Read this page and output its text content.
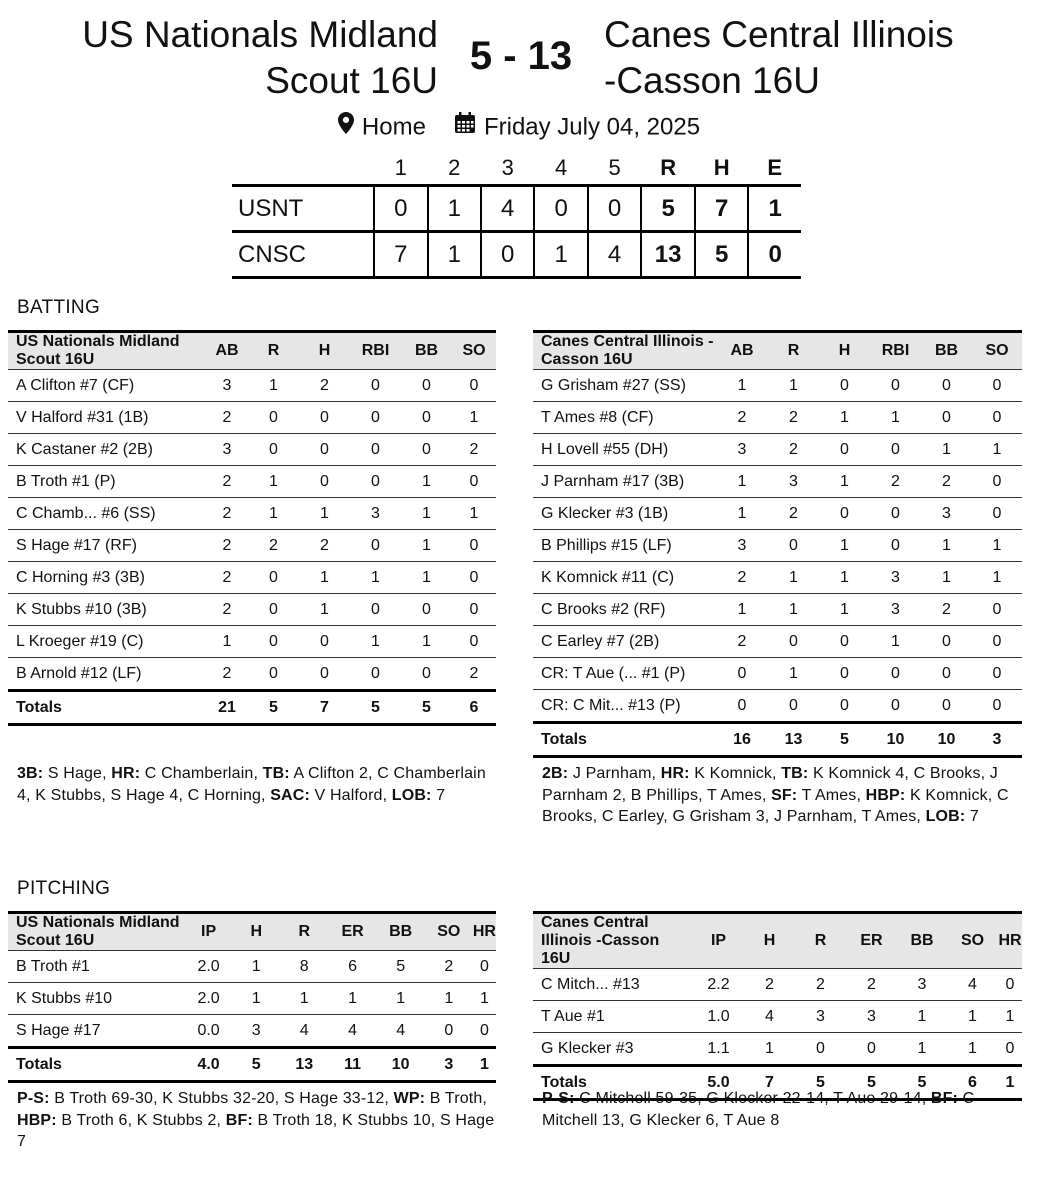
US Nationals Midland
Scout 16U
5 - 13 Canes Central Illinois
-Casson 16U
Home Friday July 04, 2025
	1	2	3	4	5	R	H	E
USNT	0	1	4	0	0	5	7	1
CNSC	7	1	0	1	4	13	5	0
BATTING
PITCHING
US Nationals Midland Scout 16U	AB	R	H	RBI	BB	SO
A Clifton #7 (CF)	3	1	2	0	0	0
V Halford #31 (1B)	2	0	0	0	0	1
K Castaner #2 (2B)	3	0	0	0	0	2
B Troth #1 (P)	2	1	0	0	1	0
C Chamb... #6 (SS)	2	1	1	3	1	1
S Hage #17 (RF)	2	2	2	0	1	0
C Horning #3 (3B)	2	0	1	1	1	0
K Stubbs #10 (3B)	2	0	1	0	0	0
L Kroeger #19 (C)	1	0	0	1	1	0
B Arnold #12 (LF)	2	0	0	0	0	2
Totals	21	5	7	5	5	6
Canes Central Illinois -Casson 16U	AB	R	H	RBI	BB	SO
G Grisham #27 (SS)	1	1	0	0	0	0
T Ames #8 (CF)	2	2	1	1	0	0
H Lovell #55 (DH)	3	2	0	0	1	1
J Parnham #17 (3B)	1	3	1	2	2	0
G Klecker #3 (1B)	1	2	0	0	3	0
B Phillips #15 (LF)	3	0	1	0	1	1
K Komnick #11 (C)	2	1	1	3	1	1
C Brooks #2 (RF)	1	1	1	3	2	0
C Earley #7 (2B)	2	0	0	1	0	0
CR: T Aue (... #1 (P)	0	1	0	0	0	0
CR: C Mit... #13 (P)	0	0	0	0	0	0
Totals	16	13	5	10	10	3
3B: S Hage, HR: C Chamberlain, TB: A Clifton 2, C Chamberlain 4, K Stubbs, S Hage 4, C Horning, SAC: V Halford, LOB: 7
2B: J Parnham, HR: K Komnick, TB: K Komnick 4, C Brooks, J Parnham 2, B Phillips, T Ames, SF: T Ames, HBP: K Komnick, C Brooks, C Earley, G Grisham 3, J Parnham, T Ames, LOB: 7
US Nationals Midland Scout 16U	IP	H	R	ER	BB	SO	HR
B Troth #1	2.0	1	8	6	5	2	0
K Stubbs #10	2.0	1	1	1	1	1	1
S Hage #17	0.0	3	4	4	4	0	0
Totals	4.0	5	13	11	10	3	1
Canes Central Illinois -Casson 16U	IP	H	R	ER	BB	SO	HR
C Mitch... #13	2.2	2	2	2	3	4	0
T Aue #1	1.0	4	3	3	1	1	1
G Klecker #3	1.1	1	0	0	1	1	0
Totals	5.0	7	5	5	5	6	1
P-S: B Troth 69-30, K Stubbs 32-20, S Hage 33-12, WP: B Troth, HBP: B Troth 6, K Stubbs 2, BF: B Troth 18, K Stubbs 10, S Hage 7
P-S: C Mitchell 59-35, G Klecker 22-14, T Aue 29-14, BF: C Mitchell 13, G Klecker 6, T Aue 8
